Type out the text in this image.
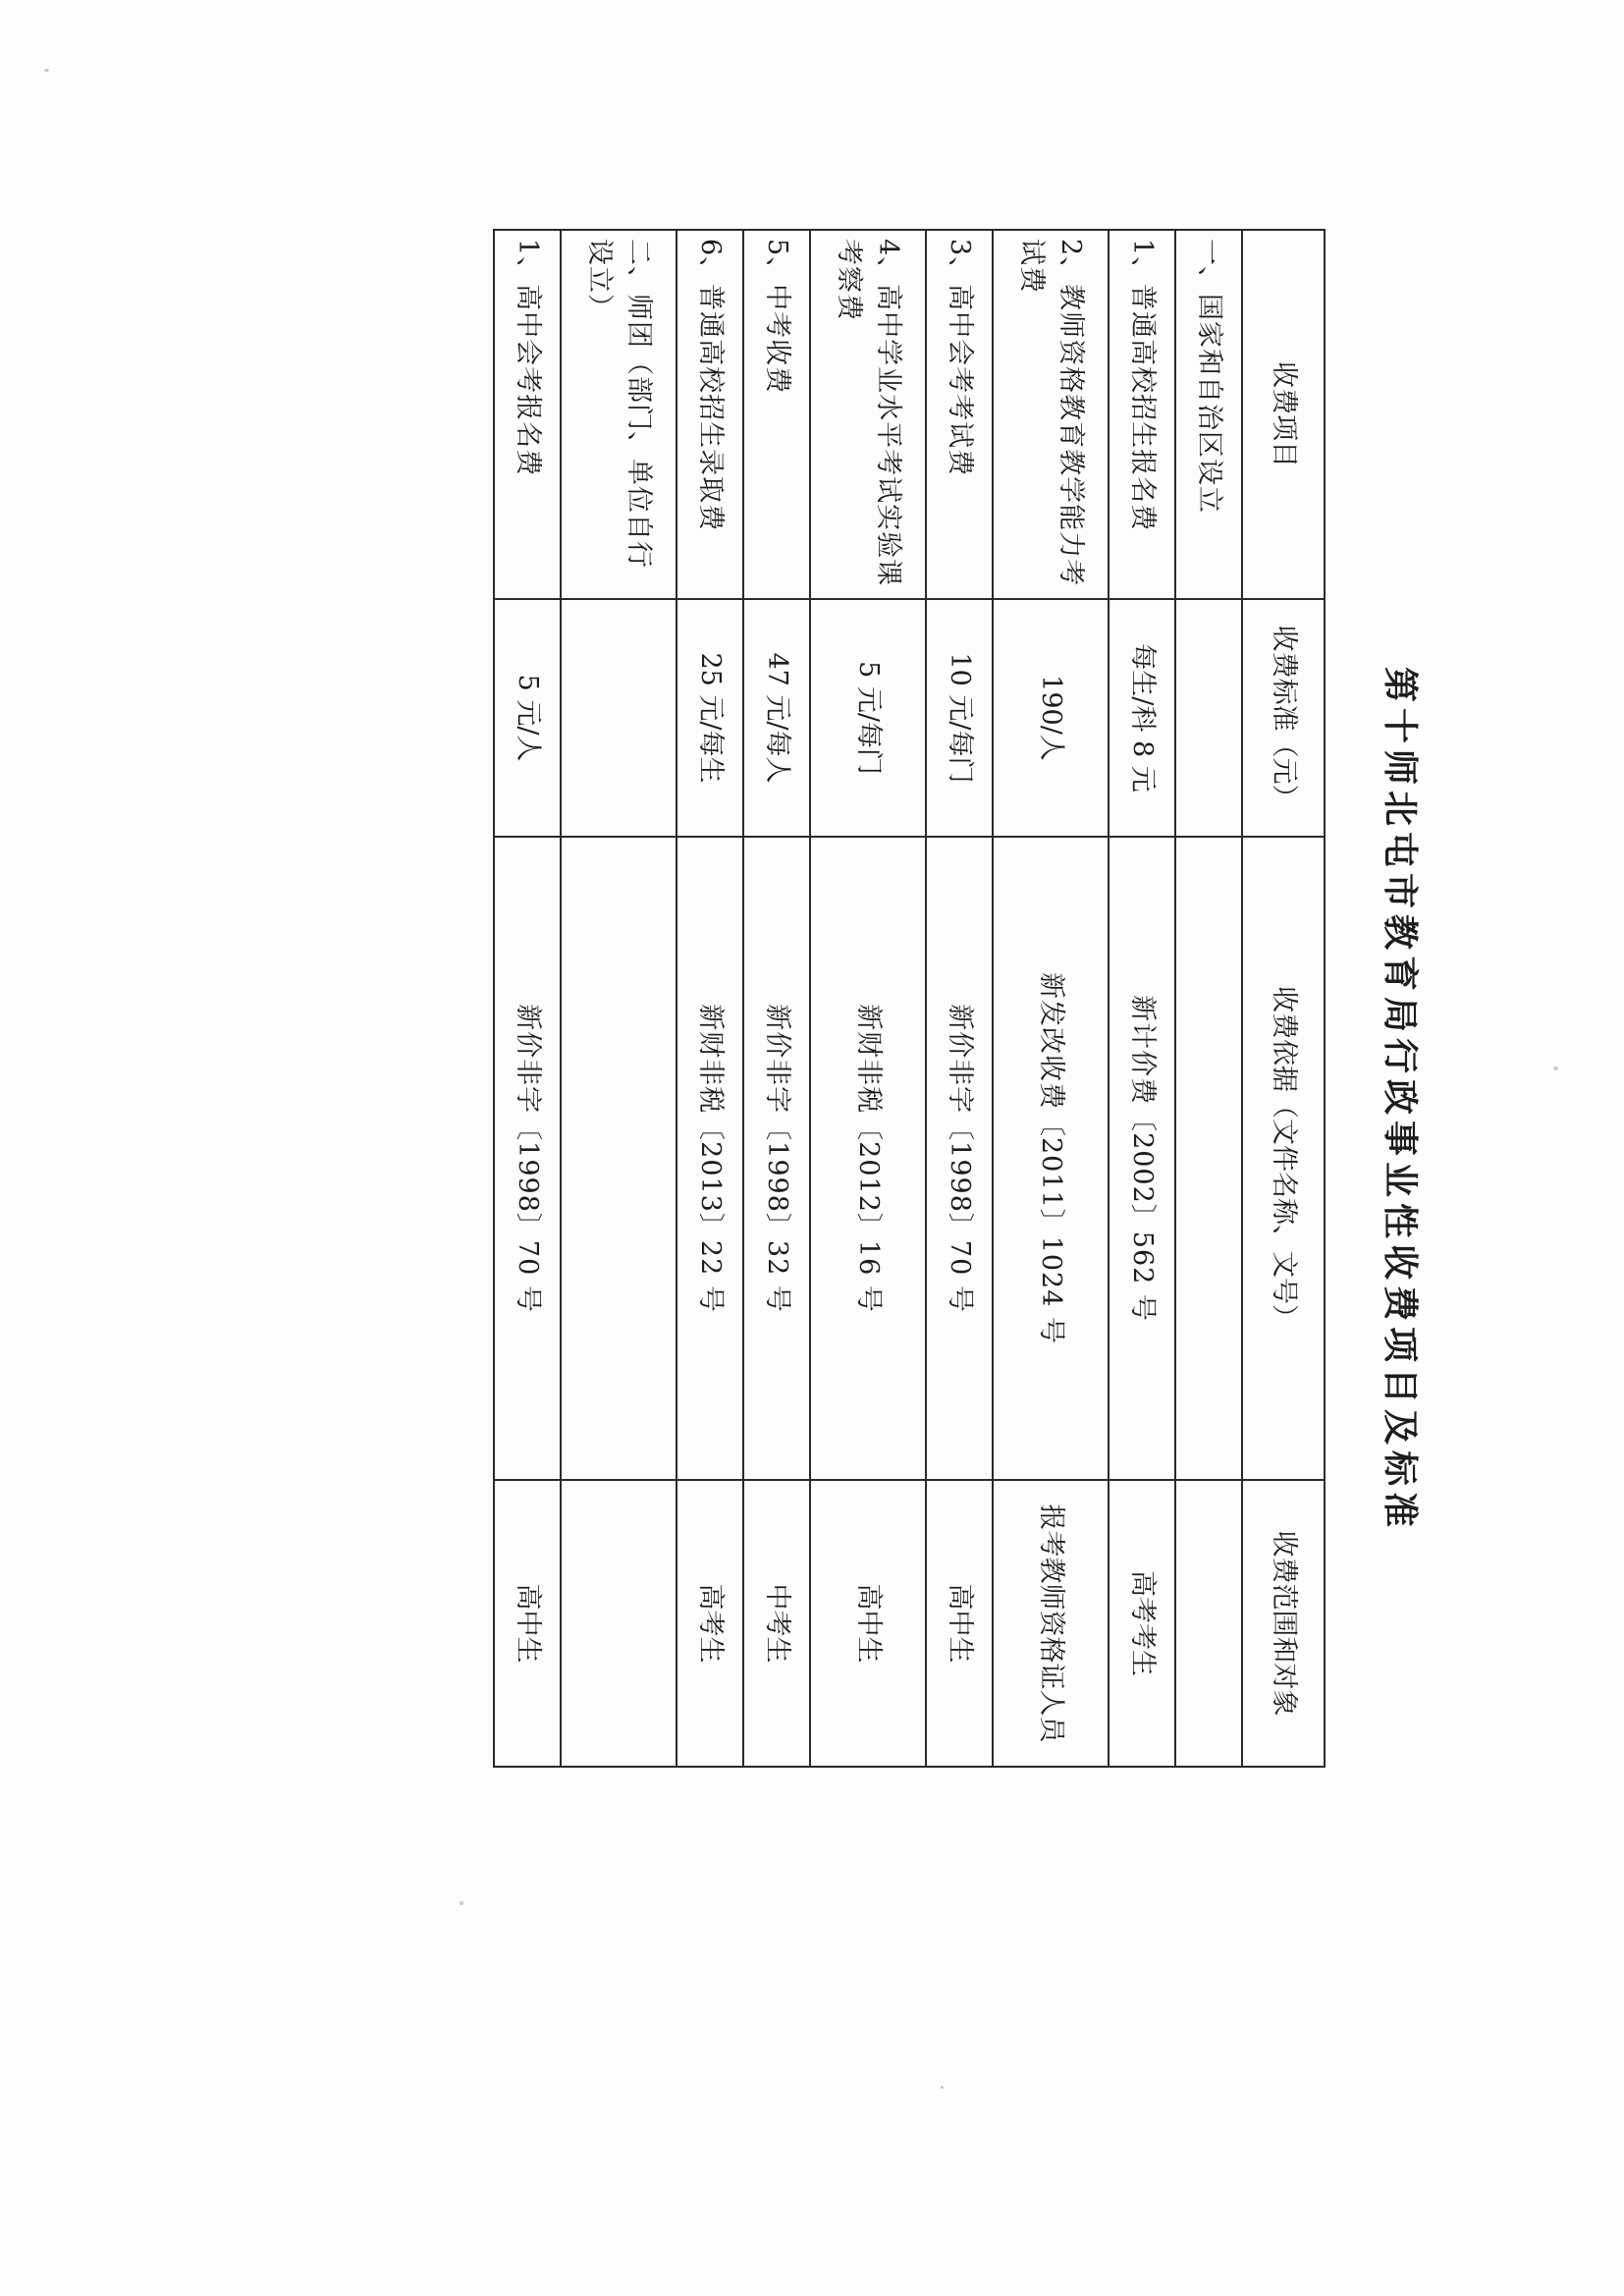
第十师北屯市教育局行政事业性收费项目及标准
收费项目	收费标准（元）	收费依据（文件名称、文号）	收费范围和对象
一、国家和自治区设立			
1、普通高校招生报名费	每生/科 8 元	新计价费〔2002〕562 号	高考考生
2、教师资格教育教学能力考试费	190/人	新发改收费〔2011〕1024 号	报考教师资格证人员
3、高中会考考试费	10 元/每门	新价非字〔1998〕70 号	高中生
4、高中学业水平考试实验课考察费	5 元/每门	新财非税〔2012〕16 号	高中生
5、中考收费	47 元/每人	新价非字〔1998〕32 号	中考生
6、普通高校招生录取费	25 元/每生	新财非税〔2013〕22 号	高考生
二、师团（部门、单位自行设立）			
1、高中会考报名费	5 元/人	新价非字〔1998〕70 号	高中生
